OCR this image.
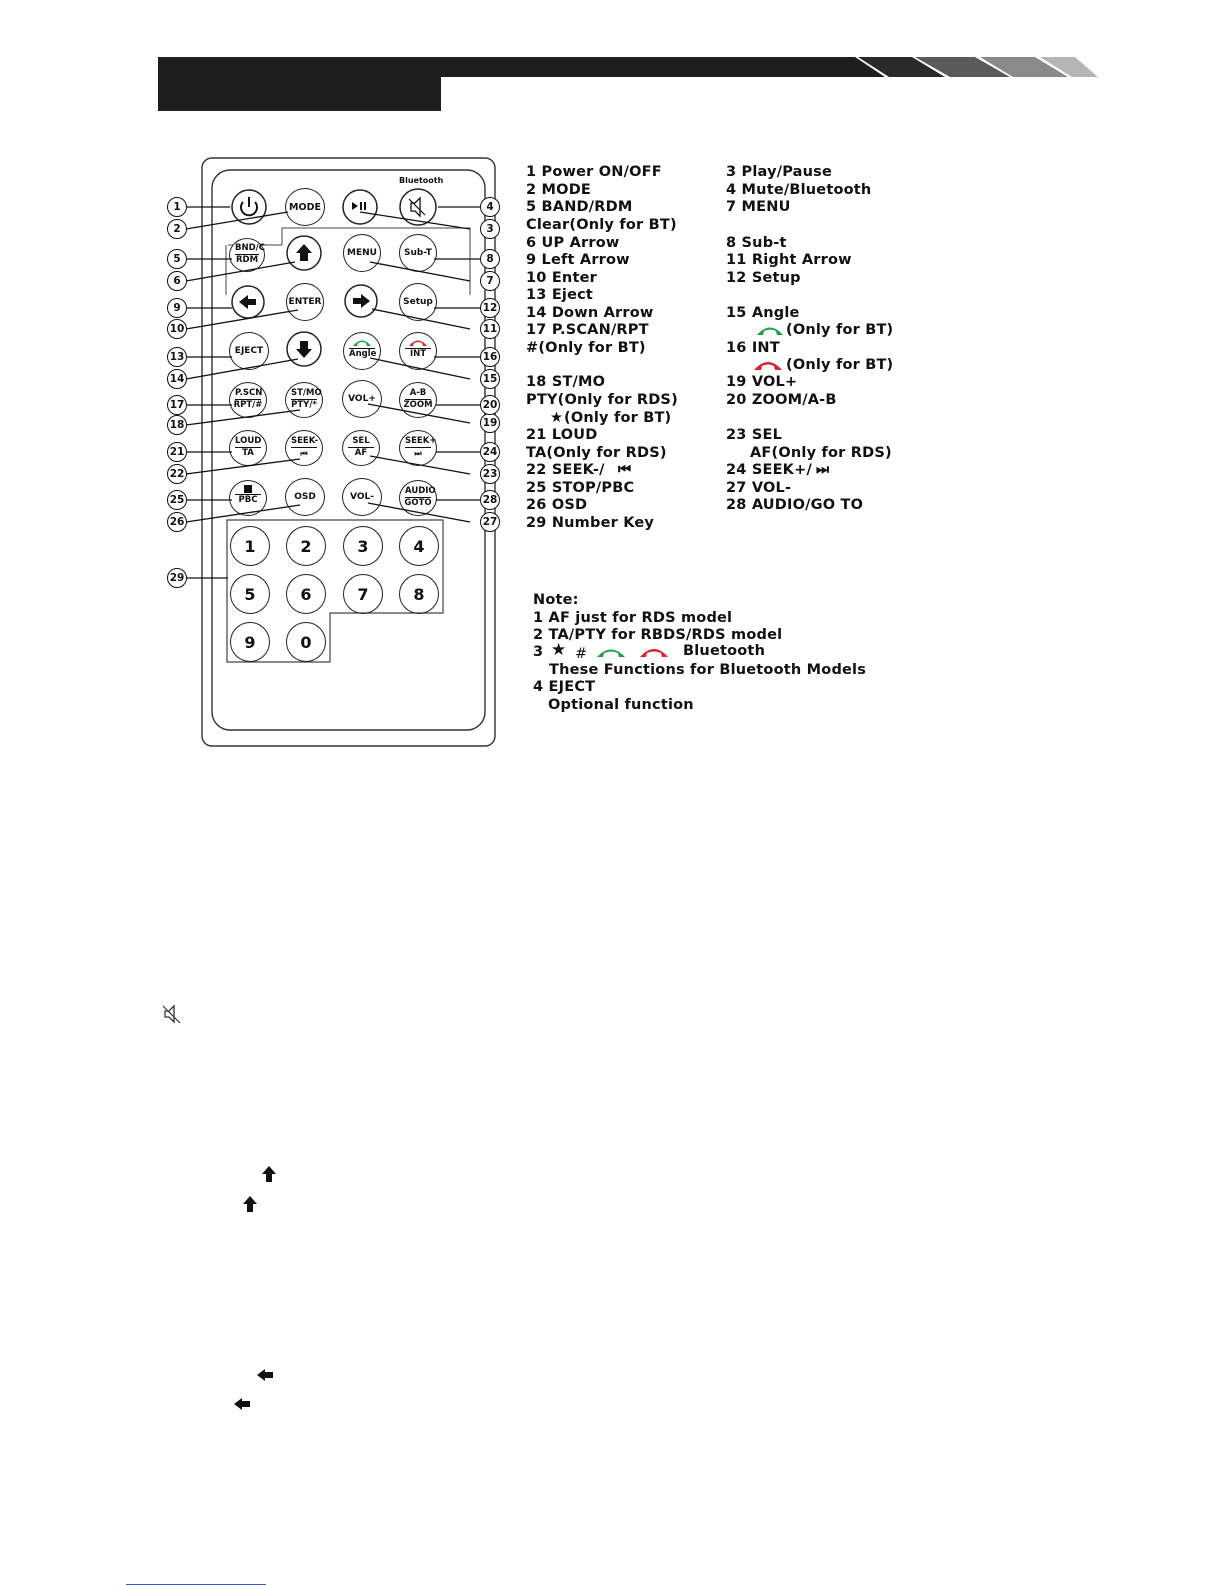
MODE
Bluetooth
BND/C
RDM
MENU	Sub-T
ENTER	Setup
EJECT	Angle	INT
P.SCN
RPT/#
ST/MO
PTY/*
VOL+
A-B
ZOOM
LOUD
TA
SEEK-
⏮
SEL
AF
SEEK+
⏭
PBC	OSD	VOL-
AUDIO
GOTO
1	2	3	4
5	6	7	8
9	0
1
2	3
4
5
6	7
8
9
10	11
12
13
14	15
16
17
18	19
20
21
22	23
24
25
26	27
28
29
1 Power ON/OFF
2 MODE
5 BAND/RDM
Clear(Only for BT)
6 UP Arrow
9 Left Arrow
10 Enter
13 Eject
14 Down Arrow
17 P.SCAN/RPT
#(Only for BT)
18 ST/MO
PTY(Only for RDS)
★ (Only for BT)
21 LOUD
TA(Only for RDS)
22 SEEK-/ ⏮
25 STOP/PBC
26 OSD
29 Number Key
3 Play/Pause
4 Mute/Bluetooth
7 MENU
8 Sub-t
11 Right Arrow
12 Setup
15 Angle
(Only for BT)
16 INT
(Only for BT)
19 VOL+
20 ZOOM/A-B
23 SEL
AF(Only for RDS)
24 SEEK+/ ⏭
27 VOL-
28 AUDIO/GO TO
Note:
1 AF just for RDS model
2 TA/PTY for RBDS/RDS model
3 ★ #	Bluetooth
These Functions for Bluetooth Models
4 EJECT
Optional function
